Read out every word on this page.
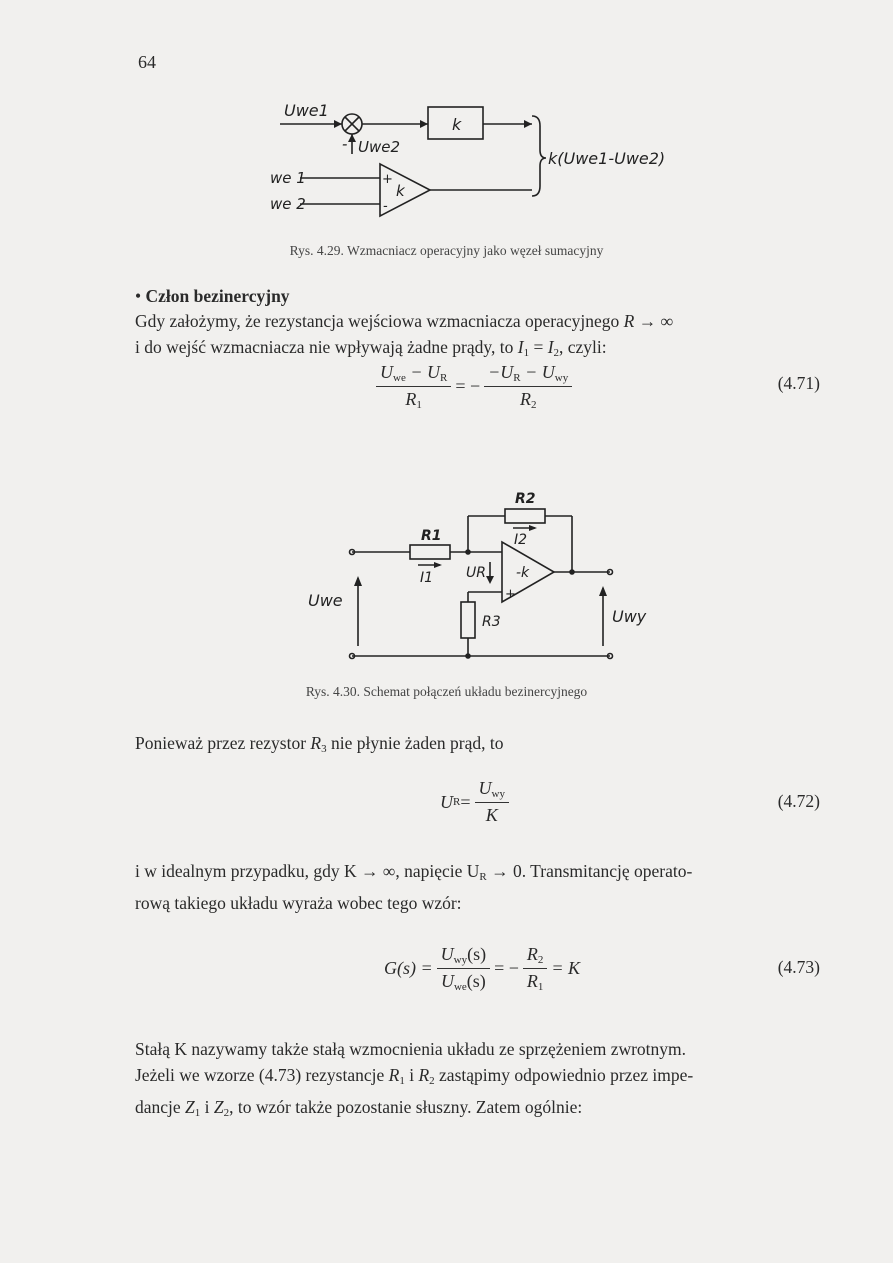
64
Uwe1
- Uwe2
k
+
-
k
we 1
we 2
k(Uwe1-Uwe2)
Rys. 4.29. Wzmacniacz operacyjny jako węzeł sumacyjny
• Człon bezinercyjny
Gdy założymy, że rezystancja wejściowa wzmacniacza operacyjnego R → ∞
i do wejść wzmacniacza nie wpływają żadne prądy, to $I_1 = I_2$, czyli:
$\frac{U_{we} - U_R}{R_1}$ = − $\frac{-U_R - U_{wy}}{R_2}$	(4.71)
R1
R2
R3
I1
I2
UR -k
+
Uwe
Uwy
Rys. 4.30. Schemat połączeń układu bezinercyjnego
Ponieważ przez rezystor $R_3$ nie płynie żaden prąd, to
U $R = \frac{U_{wy}}{K}$	(4.72)
i w idealnym przypadku, gdy K → ∞, napięcie $U_R \to 0$. Transmitancję operato-
rową takiego układu wyraża wobec tego wzór:
$G(s) = \frac{U_{wy}(s)}{U_{we}(s)}$ = − $\frac{R_2}{R_1} = K$	(4.73)
Stałą K nazywamy także stałą wzmocnienia układu ze sprzężeniem zwrotnym.
Jeżeli we wzorze (4.73) rezystancje $R_1$ i $R_2$ zastąpimy odpowiednio przez impe-
dancje $Z_1$ i $Z_2$, to wzór także pozostanie słuszny. Zatem ogólnie:
